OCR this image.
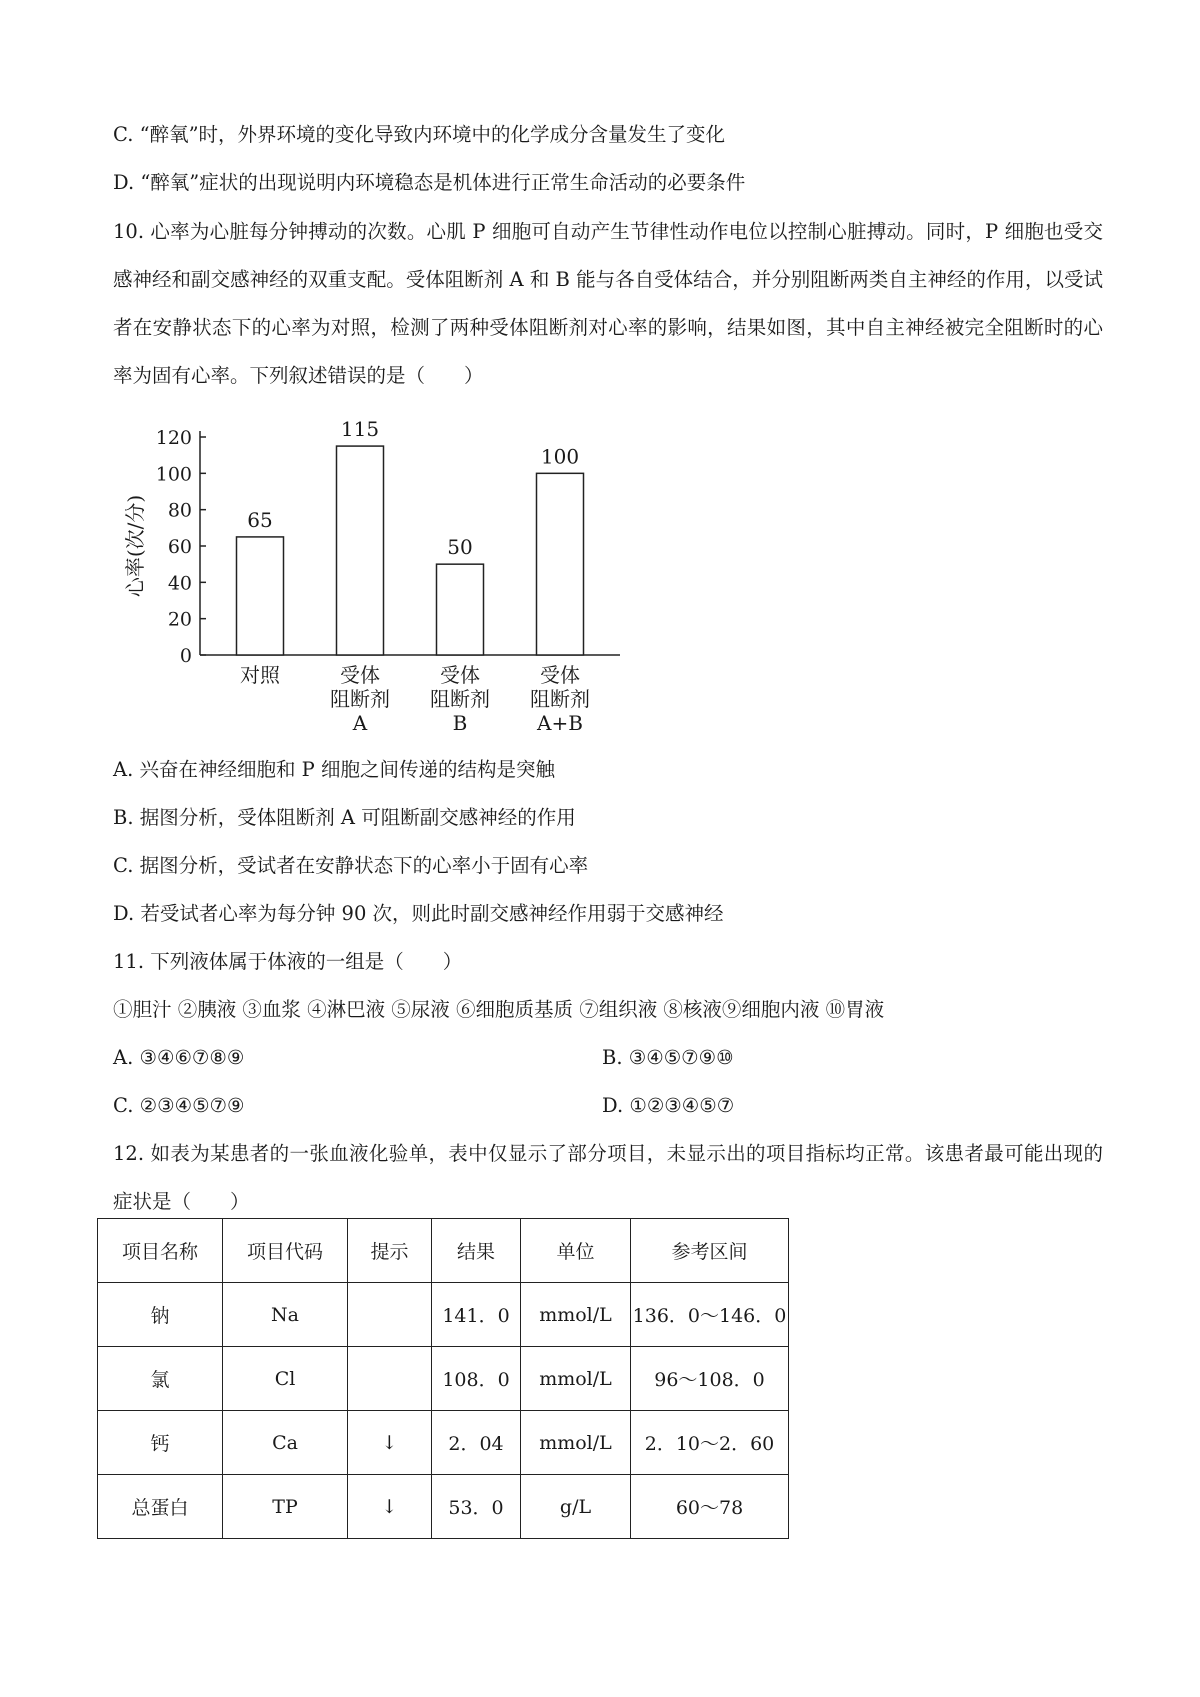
C. “醉氧”时，外界环境的变化导致内环境中的化学成分含量发生了变化
D. “醉氧”症状的出现说明内环境稳态是机体进行正常生命活动的必要条件
10. 心率为心脏每分钟搏动的次数。心肌 P 细胞可自动产生节律性动作电位以控制心脏搏动。同时，P 细胞也受交感神经和副交感神经的双重支配。受体阻断剂 A 和 B 能与各自受体结合，并分别阻断两类自主神经的作用，以受试者在安静状态下的心率为对照，检测了两种受体阻断剂对心率的影响，结果如图，其中自主神经被完全阻断时的心率为固有心率。下列叙述错误的是（　　）
0
20
40
60
80
100
120
心率(次/分)	65
对照
115
受体
阻断剂
A
50
受体
阻断剂
B
100
受体
阻断剂
A+B
A. 兴奋在神经细胞和 P 细胞之间传递的结构是突触
B. 据图分析，受体阻断剂 A 可阻断副交感神经的作用
C. 据图分析，受试者在安静状态下的心率小于固有心率
D. 若受试者心率为每分钟 90 次，则此时副交感神经作用弱于交感神经
11. 下列液体属于体液的一组是（　　）
①胆汁 ②胰液 ③血浆 ④淋巴液 ⑤尿液 ⑥细胞质基质 ⑦组织液 ⑧核液⑨细胞内液 ⑩胃液
A. ③④⑥⑦⑧⑨	B. ③④⑤⑦⑨⑩
C. ②③④⑤⑦⑨	D. ①②③④⑤⑦
12. 如表为某患者的一张血液化验单，表中仅显示了部分项目，未显示出的项目指标均正常。该患者最可能出现的症状是（　　）
项目名称	项目代码	提示	结果	单位	参考区间
钠	Na		141．0	mmol/L	136．0～146．0
氯	Cl		108．0	mmol/L	96～108．0
钙	Ca	↓	2．04	mmol/L	2．10～2．60
总蛋白	TP	↓	53．0	g/L	60～78
